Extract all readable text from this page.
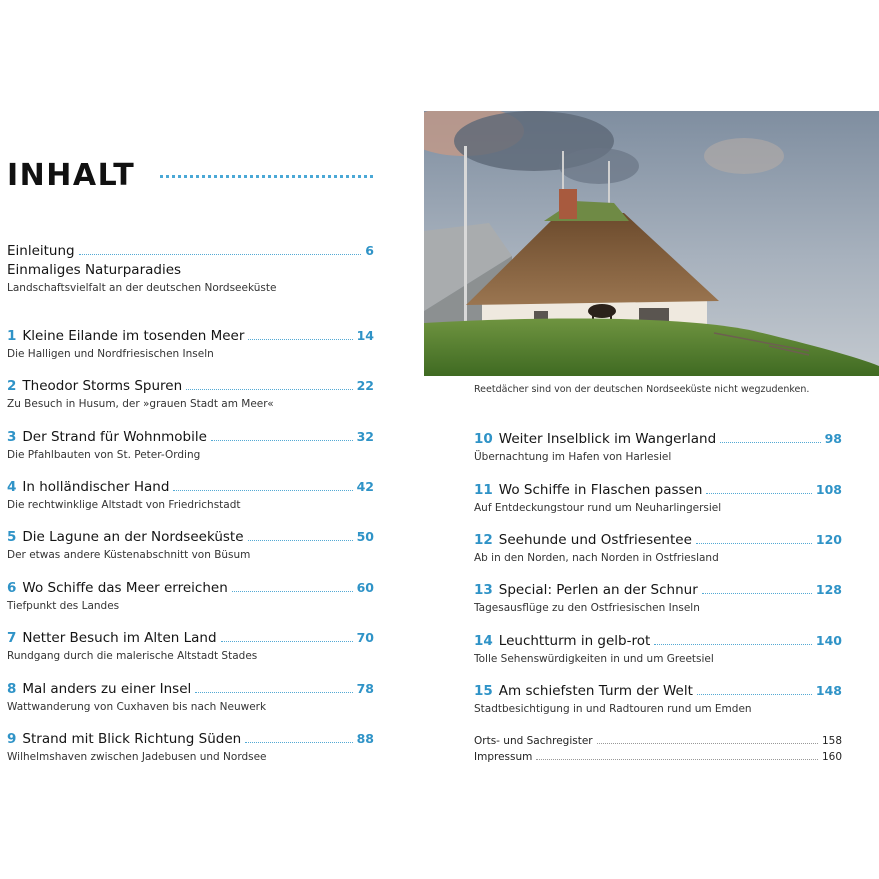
INHALT
Einleitung	6
Einmaliges Naturparadies
Landschaftsvielfalt an der deutschen Nordseeküste
1 Kleine Eilande im tosenden Meer	14
Die Halligen und Nordfriesischen Inseln
2 Theodor Storms Spuren	22
Zu Besuch in Husum, der »grauen Stadt am Meer«
3 Der Strand für Wohnmobile	32
Die Pfahlbauten von St. Peter-Ording
4 In holländischer Hand	42
Die rechtwinklige Altstadt von Friedrichstadt
5 Die Lagune an der Nordseeküste	50
Der etwas andere Küstenabschnitt von Büsum
6 Wo Schiffe das Meer erreichen	60
Tiefpunkt des Landes
7 Netter Besuch im Alten Land	70
Rundgang durch die malerische Altstadt Stades
8 Mal anders zu einer Insel	78
Wattwanderung von Cuxhaven bis nach Neuwerk
9 Strand mit Blick Richtung Süden	88
Wilhelmshaven zwischen Jadebusen und Nordsee
Reetdächer sind von der deutschen Nordseeküste nicht wegzudenken.
10 Weiter Inselblick im Wangerland	98
Übernachtung im Hafen von Harlesiel
11 Wo Schiffe in Flaschen passen	108
Auf Entdeckungstour rund um Neuharlingersiel
12 Seehunde und Ostfriesentee	120
Ab in den Norden, nach Norden in Ostfriesland
13 Special: Perlen an der Schnur	128
Tagesausflüge zu den Ostfriesischen Inseln
14 Leuchtturm in gelb-rot	140
Tolle Sehenswürdigkeiten in und um Greetsiel
15 Am schiefsten Turm der Welt	148
Stadtbesichtigung in und Radtouren rund um Emden
Orts- und Sachregister	158
Impressum	160
